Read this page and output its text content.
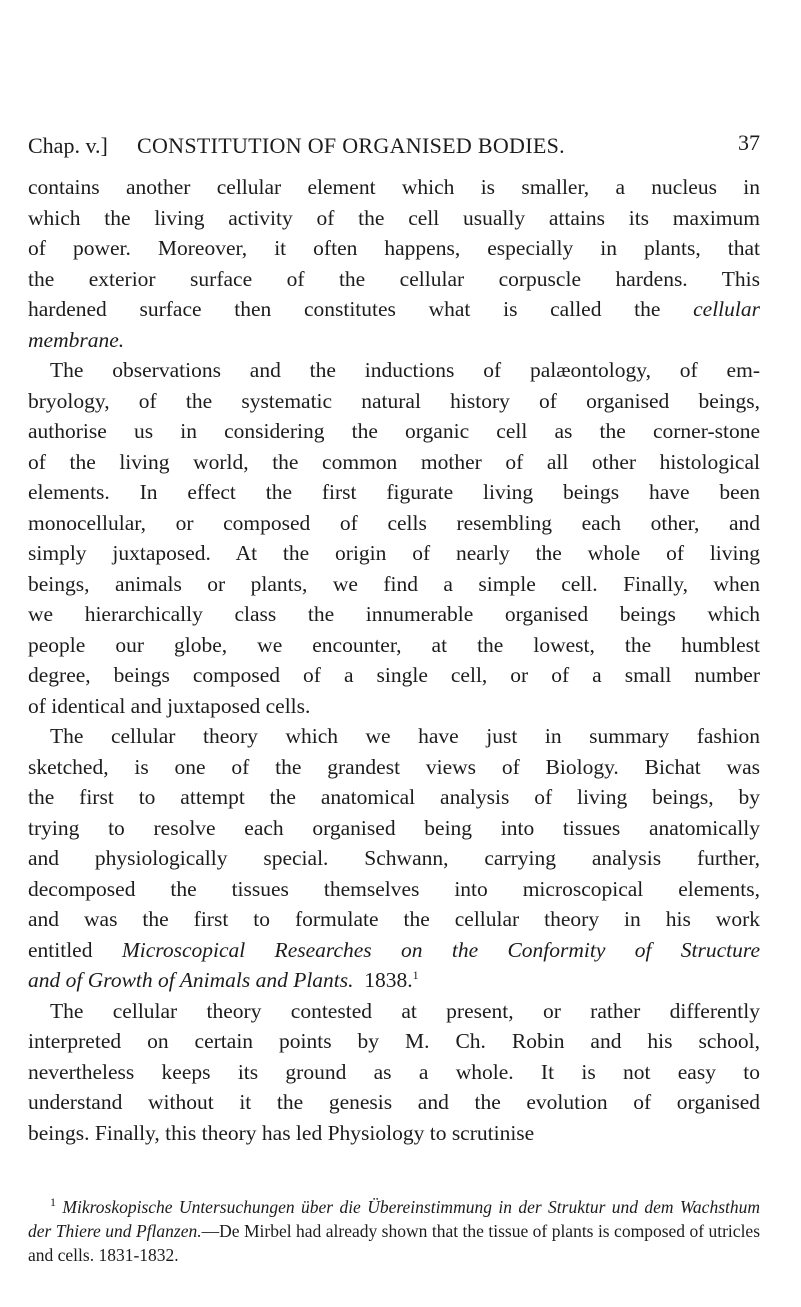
Chap. v.] CONSTITUTION OF ORGANISED BODIES.	37
contains another cellular element which is smaller, a nucleus in
which the living activity of the cell usually attains its maximum
of power. Moreover, it often happens, especially in plants, that
the exterior surface of the cellular corpuscle hardens. This
hardened surface then constitutes what is called the cellular
membrane.
The observations and the inductions of palæontology, of em-
bryology, of the systematic natural history of organised beings,
authorise us in considering the organic cell as the corner-stone
of the living world, the common mother of all other histological
elements. In effect the first figurate living beings have been
monocellular, or composed of cells resembling each other, and
simply juxtaposed. At the origin of nearly the whole of living
beings, animals or plants, we find a simple cell. Finally, when
we hierarchically class the innumerable organised beings which
people our globe, we encounter, at the lowest, the humblest
degree, beings composed of a single cell, or of a small number
of identical and juxtaposed cells.
The cellular theory which we have just in summary fashion
sketched, is one of the grandest views of Biology. Bichat was
the first to attempt the anatomical analysis of living beings, by
trying to resolve each organised being into tissues anatomically
and physiologically special. Schwann, carrying analysis further,
decomposed the tissues themselves into microscopical elements,
and was the first to formulate the cellular theory in his work
entitled Microscopical Researches on the Conformity of Structure
and of Growth of Animals and Plants. 1838.$^1$
The cellular theory contested at present, or rather differently
interpreted on certain points by M. Ch. Robin and his school,
nevertheless keeps its ground as a whole. It is not easy to
understand without it the genesis and the evolution of organised
beings. Finally, this theory has led Physiology to scrutinise
$^1$ Mikroskopische Untersuchungen über die Übereinstimmung in der Struktur und dem Wachsthum der Thiere und Pflanzen.—De Mirbel had already shown that the tissue of plants is composed of utricles and cells. 1831-1832.
